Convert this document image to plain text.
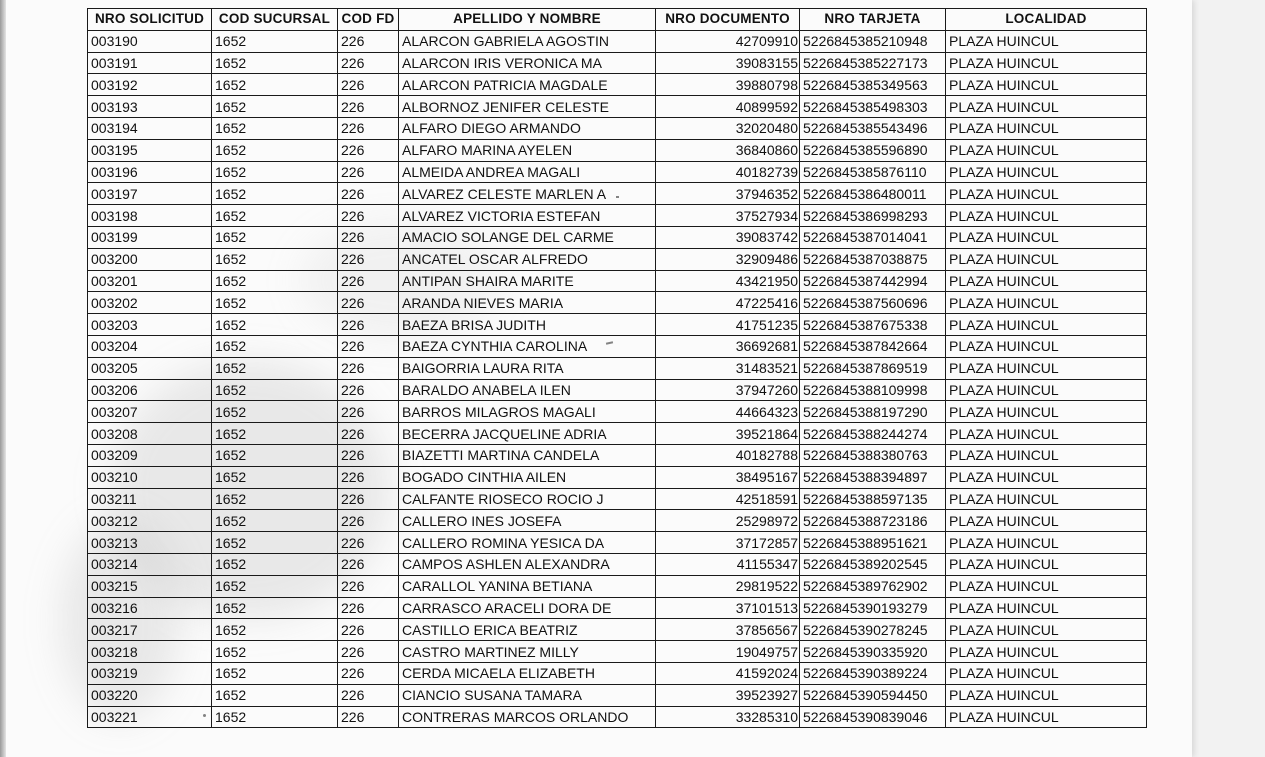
NRO SOLICITUD	COD SUCURSAL	COD FD	APELLIDO Y NOMBRE	NRO DOCUMENTO	NRO TARJETA	LOCALIDAD
003190	1652	226	ALARCON GABRIELA AGOSTIN	42709910	5226845385210948	PLAZA HUINCUL
003191	1652	226	ALARCON IRIS VERONICA MA	39083155	5226845385227173	PLAZA HUINCUL
003192	1652	226	ALARCON PATRICIA MAGDALE	39880798	5226845385349563	PLAZA HUINCUL
003193	1652	226	ALBORNOZ JENIFER CELESTE	40899592	5226845385498303	PLAZA HUINCUL
003194	1652	226	ALFARO DIEGO ARMANDO	32020480	5226845385543496	PLAZA HUINCUL
003195	1652	226	ALFARO MARINA AYELEN	36840860	5226845385596890	PLAZA HUINCUL
003196	1652	226	ALMEIDA ANDREA MAGALI	40182739	5226845385876110	PLAZA HUINCUL
003197	1652	226	ALVAREZ CELESTE MARLEN A	37946352	5226845386480011	PLAZA HUINCUL
003198	1652	226	ALVAREZ VICTORIA ESTEFAN	37527934	5226845386998293	PLAZA HUINCUL
003199	1652	226	AMACIO SOLANGE DEL CARME	39083742	5226845387014041	PLAZA HUINCUL
003200	1652	226	ANCATEL OSCAR ALFREDO	32909486	5226845387038875	PLAZA HUINCUL
003201	1652	226	ANTIPAN SHAIRA MARITE	43421950	5226845387442994	PLAZA HUINCUL
003202	1652	226	ARANDA NIEVES MARIA	47225416	5226845387560696	PLAZA HUINCUL
003203	1652	226	BAEZA BRISA JUDITH	41751235	5226845387675338	PLAZA HUINCUL
003204	1652	226	BAEZA CYNTHIA CAROLINA	36692681	5226845387842664	PLAZA HUINCUL
003205	1652	226	BAIGORRIA LAURA RITA	31483521	5226845387869519	PLAZA HUINCUL
003206	1652	226	BARALDO ANABELA ILEN	37947260	5226845388109998	PLAZA HUINCUL
003207	1652	226	BARROS MILAGROS MAGALI	44664323	5226845388197290	PLAZA HUINCUL
003208	1652	226	BECERRA JACQUELINE ADRIA	39521864	5226845388244274	PLAZA HUINCUL
003209	1652	226	BIAZETTI MARTINA CANDELA	40182788	5226845388380763	PLAZA HUINCUL
003210	1652	226	BOGADO CINTHIA AILEN	38495167	5226845388394897	PLAZA HUINCUL
003211	1652	226	CALFANTE RIOSECO ROCIO J	42518591	5226845388597135	PLAZA HUINCUL
003212	1652	226	CALLERO INES JOSEFA	25298972	5226845388723186	PLAZA HUINCUL
003213	1652	226	CALLERO ROMINA YESICA DA	37172857	5226845388951621	PLAZA HUINCUL
003214	1652	226	CAMPOS ASHLEN ALEXANDRA	41155347	5226845389202545	PLAZA HUINCUL
003215	1652	226	CARALLOL YANINA BETIANA	29819522	5226845389762902	PLAZA HUINCUL
003216	1652	226	CARRASCO ARACELI DORA DE	37101513	5226845390193279	PLAZA HUINCUL
003217	1652	226	CASTILLO ERICA BEATRIZ	37856567	5226845390278245	PLAZA HUINCUL
003218	1652	226	CASTRO MARTINEZ MILLY	19049757	5226845390335920	PLAZA HUINCUL
003219	1652	226	CERDA MICAELA ELIZABETH	41592024	5226845390389224	PLAZA HUINCUL
003220	1652	226	CIANCIO SUSANA TAMARA	39523927	5226845390594450	PLAZA HUINCUL
003221	1652	226	CONTRERAS MARCOS ORLANDO	33285310	5226845390839046	PLAZA HUINCUL
